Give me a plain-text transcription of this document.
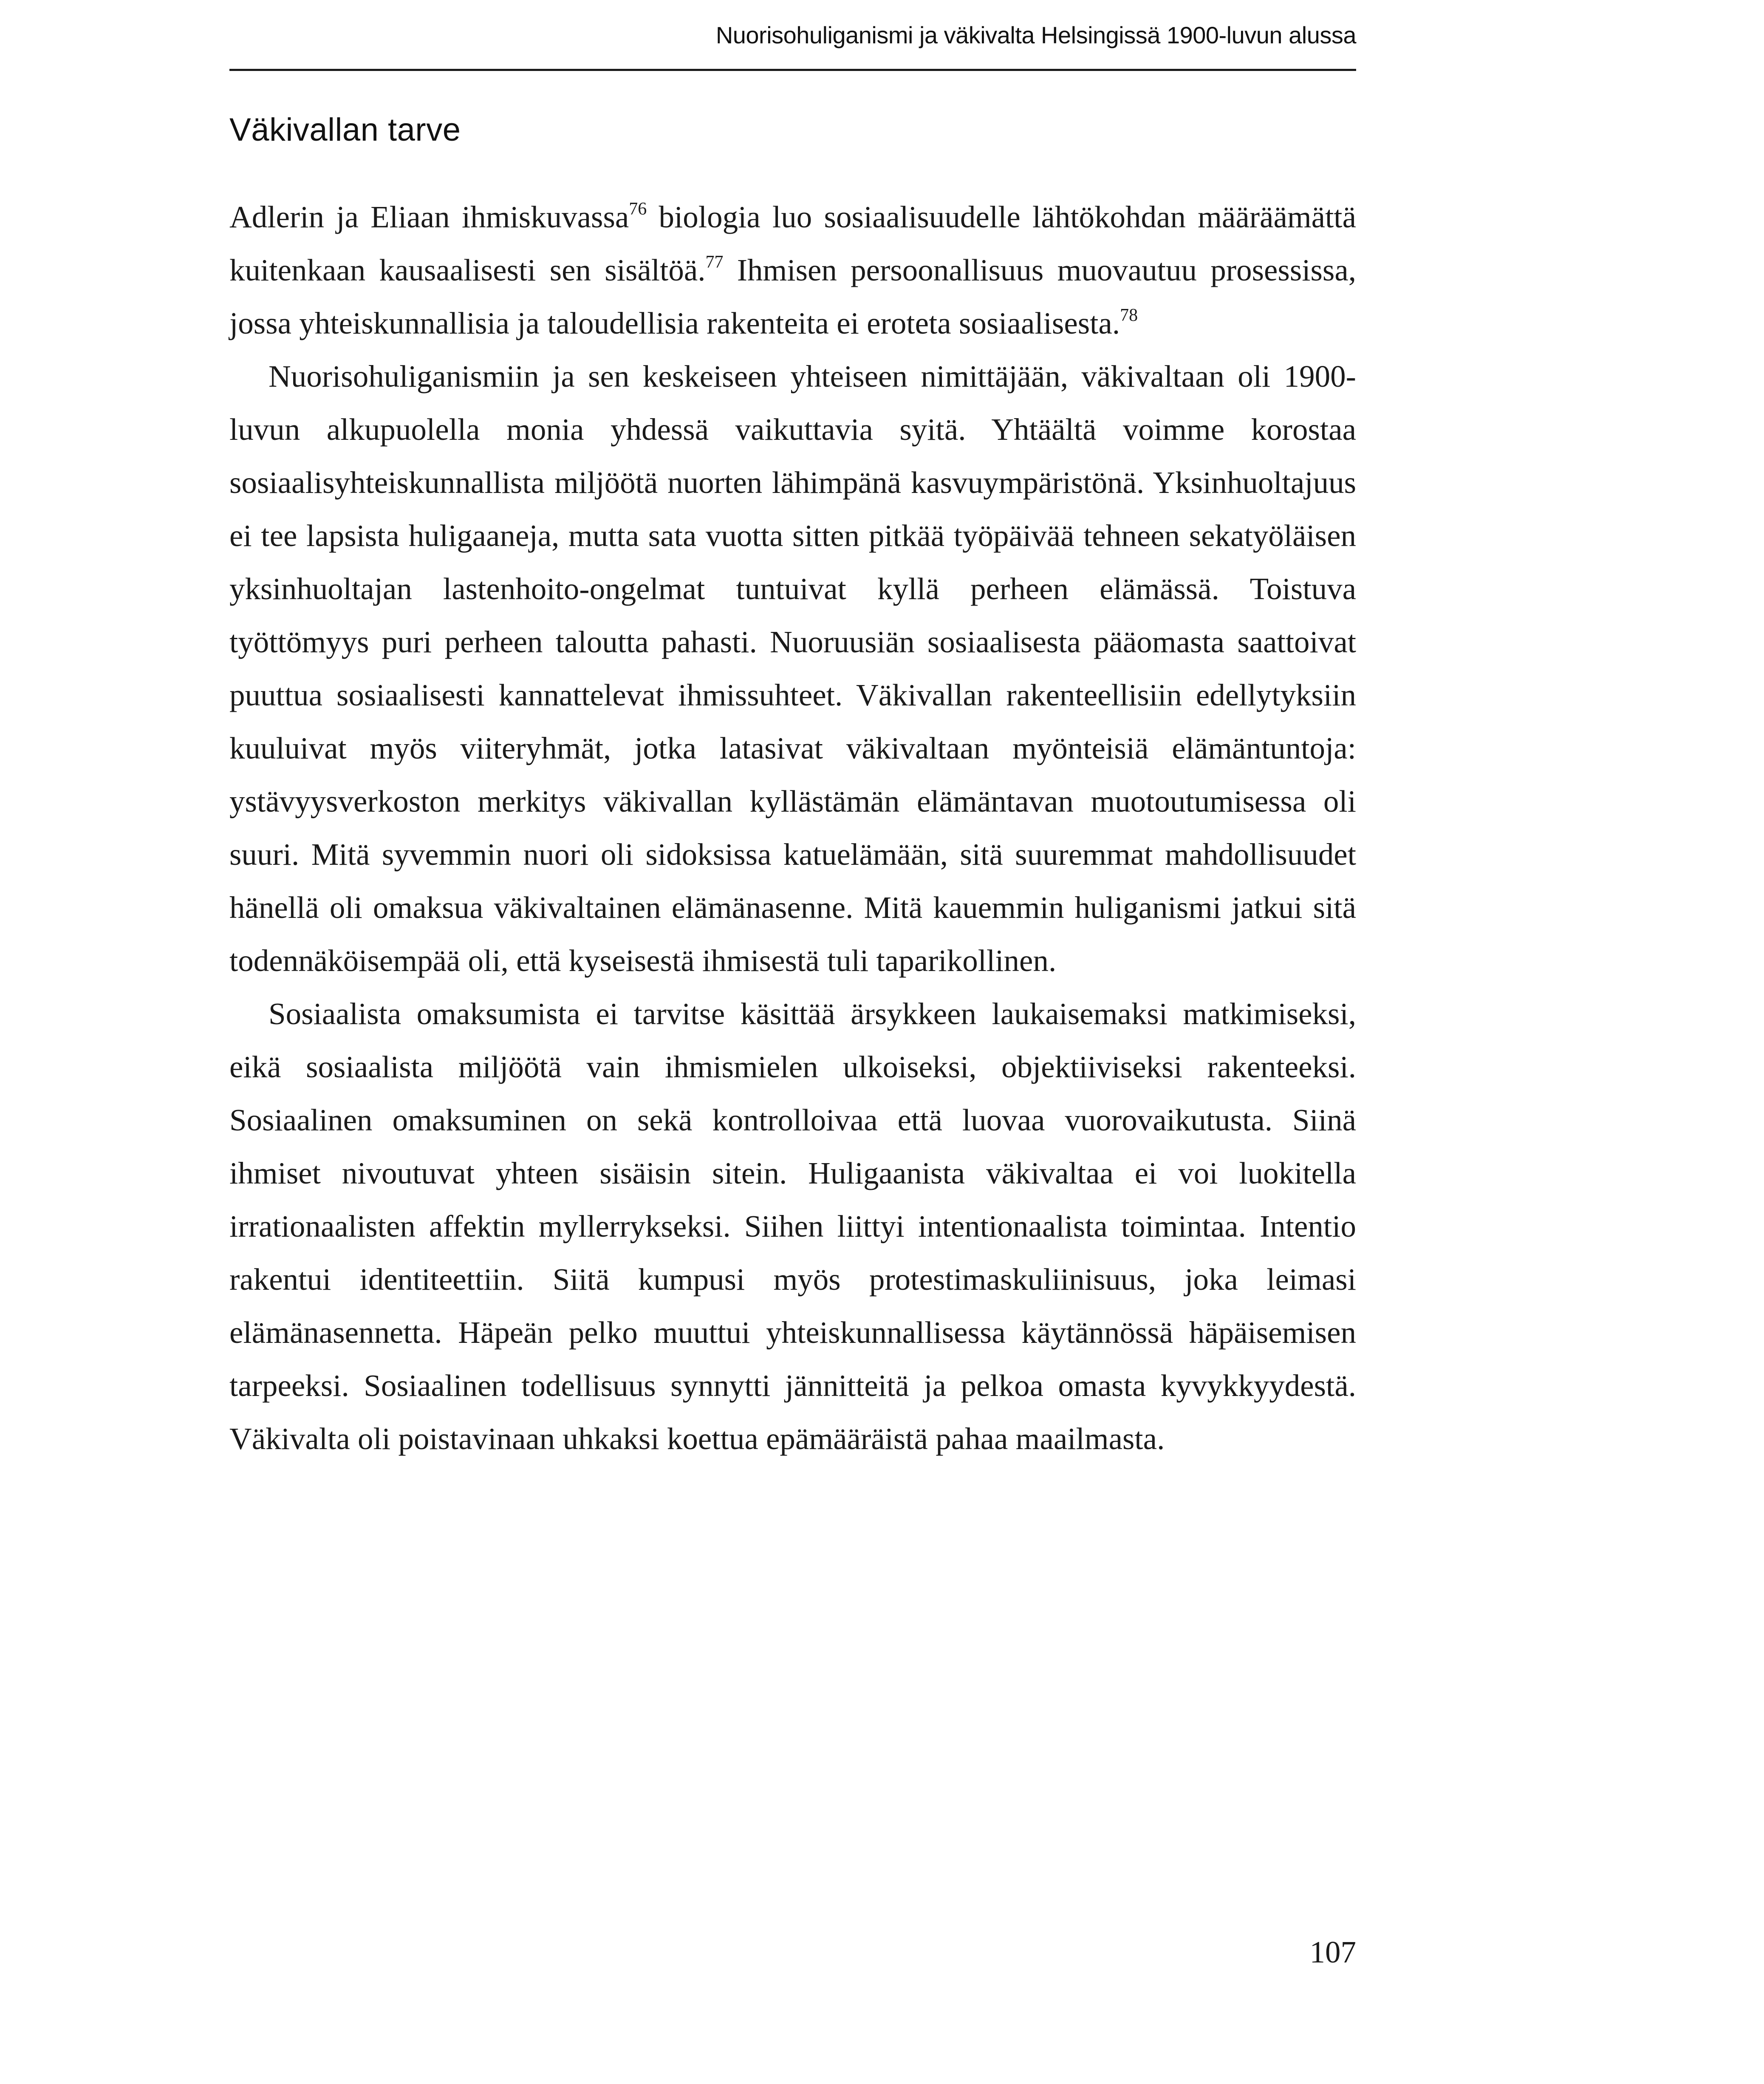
Nuorisohuliganismi ja väkivalta Helsingissä 1900-luvun alussa
Väkivallan tarve

Adlerin ja Eliaan ihmiskuvassa$^{76}$ biologia luo sosiaalisuudelle lähtökohdan määräämättä kuitenkaan kausaalisesti sen sisältöä.$^{77}$ Ihmisen persoonallisuus muovautuu prosessissa, jossa yhteiskunnallisia ja taloudellisia rakenteita ei eroteta sosiaalisesta.$^{78}$

Nuorisohuliganismiin ja sen keskeiseen yhteiseen nimittäjään, väkivaltaan oli 1900-luvun alkupuolella monia yhdessä vaikuttavia syitä. Yhtäältä voimme korostaa sosiaalisyhteiskunnallista miljöötä nuorten lähimpänä kasvuympäristönä. Yksinhuoltajuus ei tee lapsista huligaaneja, mutta sata vuotta sitten pitkää työpäivää tehneen sekatyöläisen yksinhuoltajan lastenhoito-ongelmat tuntuivat kyllä perheen elämässä. Toistuva työttömyys puri perheen taloutta pahasti. Nuoruusiän sosiaalisesta pääomasta saattoivat puuttua sosiaalisesti kannattelevat ihmissuhteet. Väkivallan rakenteellisiin edellytyksiin kuuluivat myös viiteryhmät, jotka latasivat väkivaltaan myönteisiä elämäntuntoja: ystävyysverkoston merkitys väkivallan kyllästämän elämäntavan muotoutumisessa oli suuri. Mitä syvemmin nuori oli sidoksissa katuelämään, sitä suuremmat mahdollisuudet hänellä oli omaksua väkivaltainen elämänasenne. Mitä kauemmin huliganismi jatkui sitä todennäköisempää oli, että kyseisestä ihmisestä tuli taparikollinen.

Sosiaalista omaksumista ei tarvitse käsittää ärsykkeen laukaisemaksi matkimiseksi, eikä sosiaalista miljöötä vain ihmismielen ulkoiseksi, objektiiviseksi rakenteeksi. Sosiaalinen omaksuminen on sekä kontrolloivaa että luovaa vuorovaikutusta. Siinä ihmiset nivoutuvat yhteen sisäisin sitein. Huligaanista väkivaltaa ei voi luokitella irrationaalisten affektin myllerrykseksi. Siihen liittyi intentionaalista toimintaa. Intentio rakentui identiteettiin. Siitä kumpusi myös protestimaskuliinisuus, joka leimasi elämänasennetta. Häpeän pelko muuttui yhteiskunnallisessa käytännössä häpäisemisen tarpeeksi. Sosiaalinen todellisuus synnytti jännitteitä ja pelkoa omasta kyvykkyydestä. Väkivalta oli poistavinaan uhkaksi koettua epämääräistä pahaa maailmasta.

107
